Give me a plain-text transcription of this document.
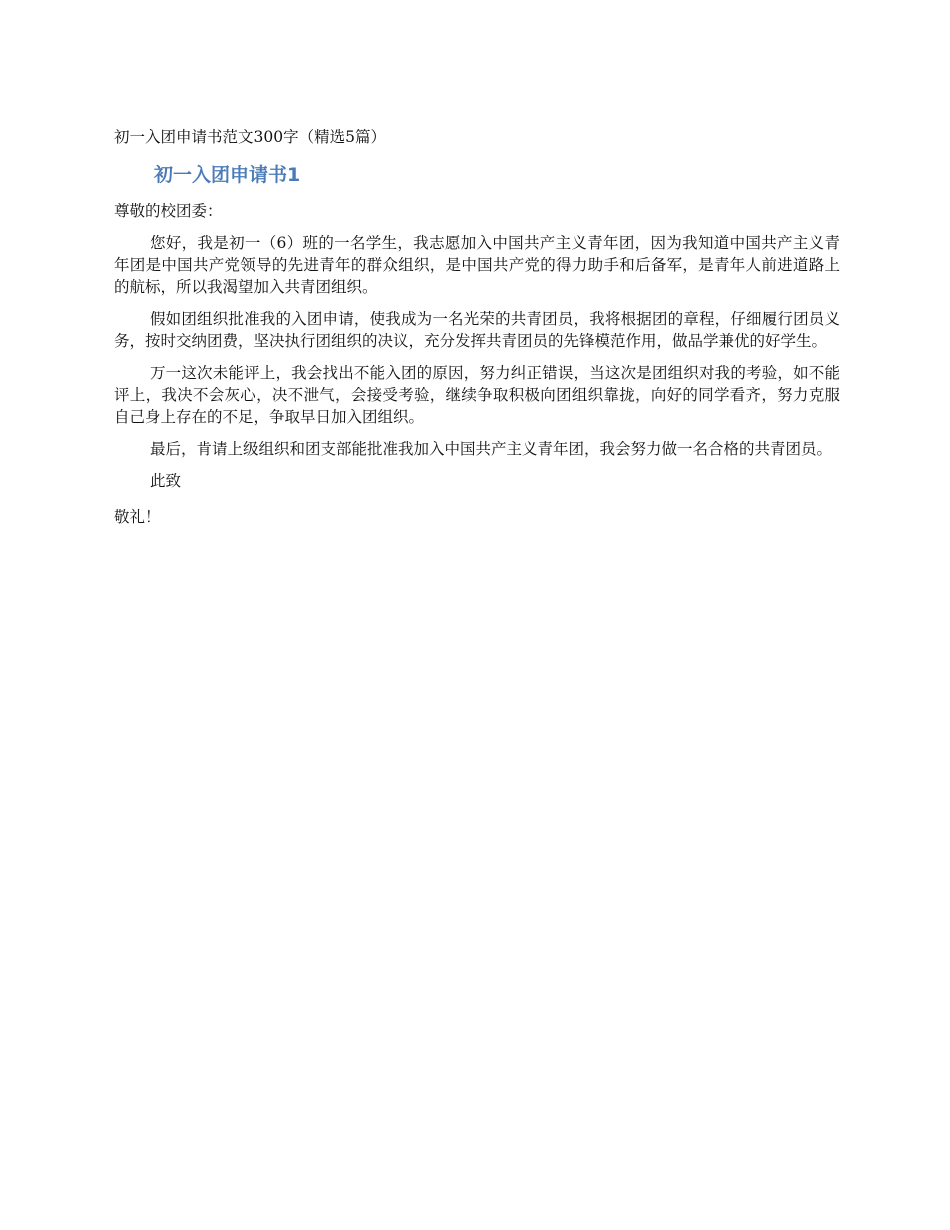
初一入团申请书范文300字（精选5篇）

初一入团申请书1

尊敬的校团委：

您好，我是初一（6）班的一名学生，我志愿加入中国共产主义青年团，因为我知道中国共产主义青年团是中国共产党领导的先进青年的群众组织，是中国共产党的得力助手和后备军，是青年人前进道路上的航标，所以我渴望加入共青团组织。

假如团组织批准我的入团申请，使我成为一名光荣的共青团员，我将根据团的章程，仔细履行团员义务，按时交纳团费，坚决执行团组织的决议，充分发挥共青团员的先锋模范作用，做品学兼优的好学生。

万一这次未能评上，我会找出不能入团的原因，努力纠正错误，当这次是团组织对我的考验，如不能评上，我决不会灰心，决不泄气，会接受考验，继续争取积极向团组织靠拢，向好的同学看齐，努力克服自己身上存在的不足，争取早日加入团组织。

最后，肯请上级组织和团支部能批准我加入中国共产主义青年团，我会努力做一名合格的共青团员。

此致

敬礼！
